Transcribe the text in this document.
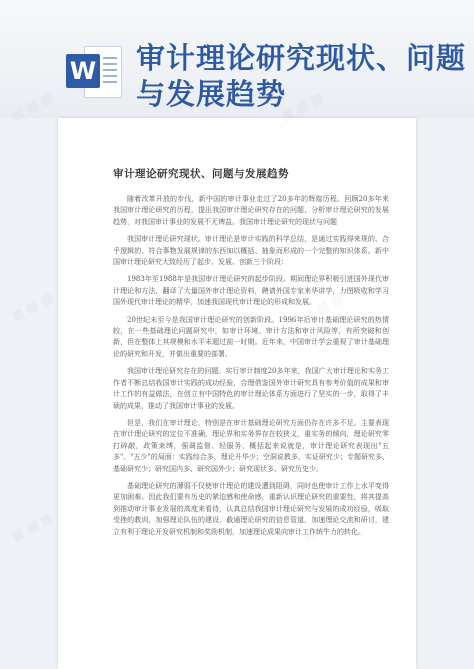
W 审计理论研究现状、问题与发展趋势
审计理论研究现状、问题与发展趋势

随着改革开放的步伐，新中国的审计事业走过了20多年的辉煌历程。回顾20多年来我国审计理论研究的历程，提出我国审计理论研究存在的问题，分析审计理论研究的发展趋势，对我国审计事业的发展不无裨益。我国审计理论研究的现状与问题

我国审计理论研究现状。审计理论是审计实践的科学总结，是通过实践得来规的、合乎逻辑的、符合事物发展规律的东西加以概括、抽象而形成的一个完整的知识体系。新中国审计理论研究大致经历了起步、发展、创新三个阶段：

1983年至1988年是我国审计理论研究的起步阶段。期间理论界积极引进国外现代审计理论和方法，翻译了大量国外审计理论资料，聘请外国专家来华讲学，力图吸收和学习国外现代审计理论的精华，加速我国现代审计理论的形成和发展。

20世纪末至今是我国审计理论研究的创新阶段。1996年后审计基础理论研究的热情较，在一些基础理论问题研究中，如审计环境、审计方法和审计风险等，有所突破和创新，但在整体上其规模和水平未超过前一时期。近年来，中国审计学会重视了审计基础理论的研究和开发，并做出重要的部署。

我国审计理论研究存在的问题。实行审计制度20多年来，我国广大审计理论和实务工作者不断总结我国审计实践的成功经验，合理借鉴国外审计研究具有参考价值的成果和审计工作的有益做法，在创立有中国特色的审计理论体系方面进行了坚实的一步，取得了丰硕的成果，推动了我国审计事业的发展。

但是，我们在审计理论，特别是在审计基础理论研究方面仍存在许多不足。主要表现在审计理论研究的定位不准确，理论界和实务界存在较狭义，重实务的倾向，理论研究零打碎敲，政策束缚，强调监督、轻服务，概括起来说就是，审计理论研究表现出"五多"、"五少"的局面：实践综合多，理论升华少；空洞说教多，实证研究少；专题研究多、基础研究少；研究国内多、研究国外少；研究现状多、研究历史少。

基础理论研究的薄弱不仅使审计理论的建设遭到阻碍，同时也使审计工作上水平变得更加困难。因此我们要有历史的紧迫感和使命感，重新认识理论研究的重要性，将其提高到推动审计事业发展的高度来看待，认真总结我国审计理论研究与发展的成功经验，吸取受挫的教训，加强理论队伍的建设，截通理论研究的信息管道，加速理论交流和研讨，建立有利于理论开发研究机制和奖励机制，加速理论成果向审计工作统牛力的转化。

▦ ▦ ▦
▦ ▦ ▦
